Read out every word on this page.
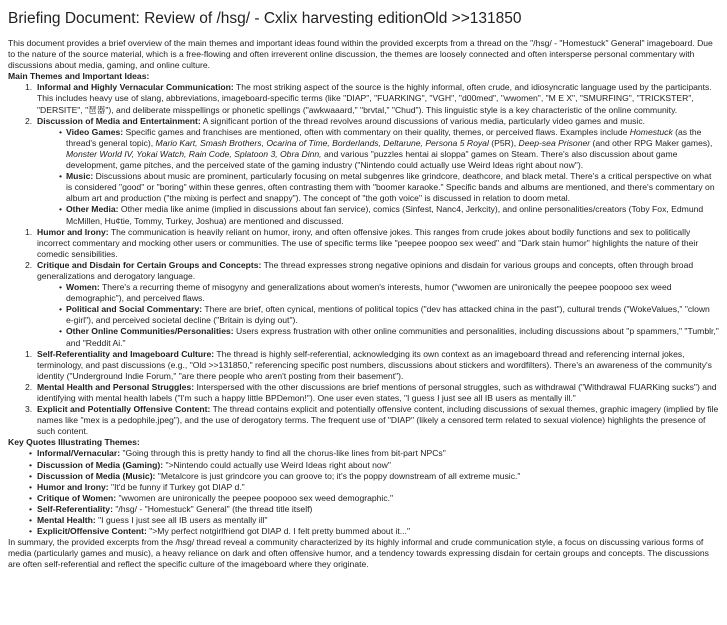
Briefing Document: Review of /hsg/ - Cxlix harvesting editionOld >>131850

This document provides a brief overview of the main themes and important ideas found within the provided excerpts from a thread on the "/hsg/ - "Homestuck" General" imageboard. Due to the nature of the source material, which is a free-flowing and often irreverent online discussion, the themes are loosely connected and often intersperse personal commentary with discussions about media, gaming, and online culture.

Main Themes and Important Ideas:
1. Informal and Highly Vernacular Communication: The most striking aspect of the source is the highly informal, often crude, and idiosyncratic language used by the participants. This includes heavy use of slang, abbreviations, imageboard-specific terms (like "DIAP", "FUARKING", "VGH", "d00med", "wwomen", "M E X", "SMURFING", "TRICKSTER", "DERSITE", "琶器"), and deliberate misspellings or phonetic spellings ("awkwaaard," "brvtal," "Chud"). This linguistic style is a key characteristic of the online community.
2. Discussion of Media and Entertainment: A significant portion of the thread revolves around discussions of various media, particularly video games and music.
• Video Games: Specific games and franchises are mentioned, often with commentary on their quality, themes, or perceived flaws. Examples include Homestuck (as the thread's general topic), Mario Kart, Smash Brothers, Ocarina of Time, Borderlands, Deltarune, Persona 5 Royal (P5R), Deep-sea Prisoner (and other RPG Maker games), Monster World IV, Yokai Watch, Rain Code, Splatoon 3, Obra Dinn, and various "puzzles hentai ai sloppa" games on Steam. There's also discussion about game development, game pitches, and the perceived state of the gaming industry ("Nintendo could actually use Weird Ideas right about now").
• Music: Discussions about music are prominent, particularly focusing on metal subgenres like grindcore, deathcore, and black metal. There's a critical perspective on what is considered "good" or "boring" within these genres, often contrasting them with "boomer karaoke." Specific bands and albums are mentioned, and there's commentary on album art and production ("the mixing is perfect and snappy"). The concept of "the goth voice" is discussed in relation to doom metal.
• Other Media: Other media like anime (implied in discussions about fan service), comics (Sinfest, Nanc4, Jerkcity), and online personalities/creators (Toby Fox, Edmund McMillen, Hu¢tie, Tommy, Turkey, Joshua) are mentioned and discussed.
1. Humor and Irony: The communication is heavily reliant on humor, irony, and often offensive jokes. This ranges from crude jokes about bodily functions and sex to politically incorrect commentary and mocking other users or communities. The use of specific terms like "peepee poopoo sex weed" and "Dark stain humor" highlights the nature of their comedic sensibilities.
2. Critique and Disdain for Certain Groups and Concepts: The thread expresses strong negative opinions and disdain for various groups and concepts, often through broad generalizations and derogatory language.
• Women: There's a recurring theme of misogyny and generalizations about women's interests, humor ("wwomen are unironically the peepee poopooo sex weed demographic"), and perceived flaws.
• Political and Social Commentary: There are brief, often cynical, mentions of political topics ("dev has attacked china in the past"), cultural trends ("WokeValues," "clown e-girl"), and perceived societal decline ("Britain is dying out").
• Other Online Communities/Personalities: Users express frustration with other online communities and personalities, including discussions about "p spammers," "Tumblr," and "Reddit Ai."
1. Self-Referentiality and Imageboard Culture: The thread is highly self-referential, acknowledging its own context as an imageboard thread and referencing internal jokes, terminology, and past discussions (e.g., "Old >>131850," referencing specific post numbers, discussions about stickers and wordfilters). There's an awareness of the community's identity ("Underground Indie Forum," "are there people who aren't posting from their basement").
2. Mental Health and Personal Struggles: Interspersed with the other discussions are brief mentions of personal struggles, such as withdrawal ("Withdrawal FUARKing sucks") and identifying with mental health labels ("I'm such a happy little BPDemon!"). One user even states, "I guess I just see all IB users as mentally ill."
3. Explicit and Potentially Offensive Content: The thread contains explicit and potentially offensive content, including discussions of sexual themes, graphic imagery (implied by file names like "mex is a pedophile.jpeg"), and the use of derogatory terms. The frequent use of "DIAP" (likely a censored term related to sexual violence) highlights the presence of such content.
Key Quotes Illustrating Themes:
• Informal/Vernacular: "Going through this is pretty handy to find all the chorus-like lines from bit-part NPCs"
• Discussion of Media (Gaming): ">Nintendo could actually use Weird Ideas right about now"
• Discussion of Media (Music): "Metalcore is just grindcore you can groove to; it's the poppy downstream of all extreme music."
• Humor and Irony: "It'd be funny if Turkey got DIAP d."
• Critique of Women: "wwomen are unironically the peepee poopooo sex weed demographic."
• Self-Referentiality: "/hsg/ - "Homestuck" General" (the thread title itself)
• Mental Health: "I guess I just see all IB users as mentally ill"
• Explicit/Offensive Content: ">My perfect notgirlfriend got DIAP d. I felt pretty bummed about it..."

In summary, the provided excerpts from the /hsg/ thread reveal a community characterized by its highly informal and crude communication style, a focus on discussing various forms of media (particularly games and music), a heavy reliance on dark and often offensive humor, and a tendency towards expressing disdain for certain groups and concepts. The discussions are often self-referential and reflect the specific culture of the imageboard where they originate.
